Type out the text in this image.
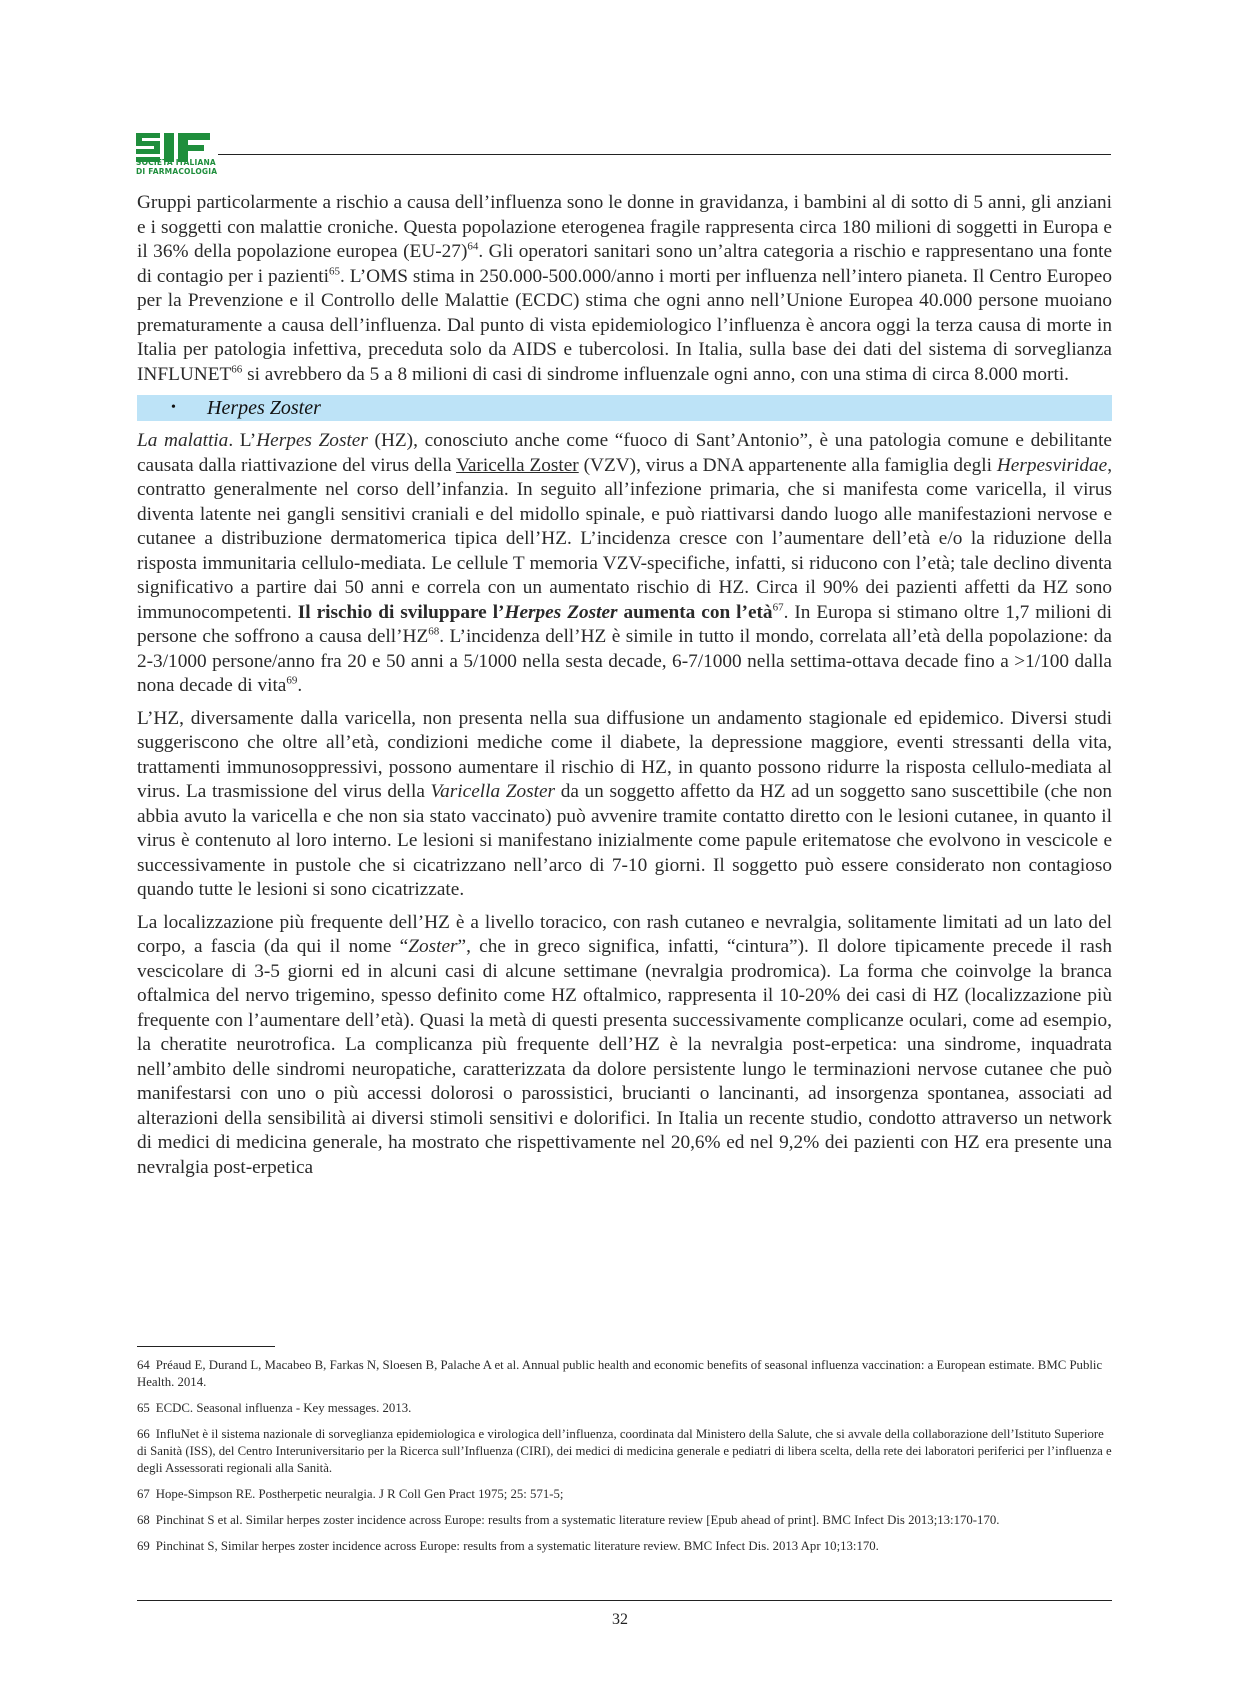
SIF
SOCIETÀ ITALIANA
DI FARMACOLOGIA

Gruppi particolarmente a rischio a causa dell’influenza sono le donne in gravidanza, i bambini al di sotto di 5 anni, gli anziani e i soggetti con malattie croniche. Questa popolazione eterogenea fragile rappresenta circa 180 milioni di soggetti in Europa e il 36% della popolazione europea $(EU-27)^{64}$. Gli operatori sanitari sono un’altra categoria a rischio e rappresentano una fonte di contagio per i pazienti$^{65}$. L’OMS stima in 250.000-500.000/anno i morti per influenza nell’intero pianeta. Il Centro Europeo per la Prevenzione e il Controllo delle Malattie (ECDC) stima che ogni anno nell’Unione Europea 40.000 persone muoiano prematuramente a causa dell’influenza. Dal punto di vista epidemiologico l’influenza è ancora oggi la terza causa di morte in Italia per patologia infettiva, preceduta solo da AIDS e tubercolosi. In Italia, sulla base dei dati del sistema di sorveglianza INFLUNET$^{66}$ si avrebbero da 5 a 8 milioni di casi di sindrome influenzale ogni anno, con una stima di circa 8.000 morti.

•	Herpes Zoster

La malattia. L’Herpes Zoster (HZ), conosciuto anche come “fuoco di Sant’Antonio”, è una patologia comune e debilitante causata dalla riattivazione del virus della Varicella Zoster (VZV), virus a DNA appartenente alla famiglia degli Herpesviridae, contratto generalmente nel corso dell’infanzia. In seguito all’infezione primaria, che si manifesta come varicella, il virus diventa latente nei gangli sensitivi craniali e del midollo spinale, e può riattivarsi dando luogo alle manifestazioni nervose e cutanee a distribuzione dermatomerica tipica dell’HZ. L’incidenza cresce con l’aumentare dell’età e/o la riduzione della risposta immunitaria cellulo-mediata. Le cellule T memoria VZV-specifiche, infatti, si riducono con l’età; tale declino diventa significativo a partire dai 50 anni e correla con un aumentato rischio di HZ. Circa il 90% dei pazienti affetti da HZ sono immunocompetenti. Il rischio di sviluppare l’Herpes Zoster aumenta con l’età$^{67}$. In Europa si stimano oltre 1,7 milioni di persone che soffrono a causa dell’HZ$^{68}$. L’incidenza dell’HZ è simile in tutto il mondo, correlata all’età della popolazione: da 2-3/1000 persone/anno fra 20 e 50 anni a 5/1000 nella sesta decade, 6-7/1000 nella settima-ottava decade fino a >1/100 dalla nona decade di vita$^{69}$.

L’HZ, diversamente dalla varicella, non presenta nella sua diffusione un andamento stagionale ed epidemico. Diversi studi suggeriscono che oltre all’età, condizioni mediche come il diabete, la depressione maggiore, eventi stressanti della vita, trattamenti immunosoppressivi, possono aumentare il rischio di HZ, in quanto possono ridurre la risposta cellulo-mediata al virus. La trasmissione del virus della Varicella Zoster da un soggetto affetto da HZ ad un soggetto sano suscettibile (che non abbia avuto la varicella e che non sia stato vaccinato) può avvenire tramite contatto diretto con le lesioni cutanee, in quanto il virus è contenuto al loro interno. Le lesioni si manifestano inizialmente come papule eritematose che evolvono in vescicole e successivamente in pustole che si cicatrizzano nell’arco di 7-10 giorni. Il soggetto può essere considerato non contagioso quando tutte le lesioni si sono cicatrizzate.

La localizzazione più frequente dell’HZ è a livello toracico, con rash cutaneo e nevralgia, solitamente limitati ad un lato del corpo, a fascia (da qui il nome “Zoster”, che in greco significa, infatti, “cintura”). Il dolore tipicamente precede il rash vescicolare di 3-5 giorni ed in alcuni casi di alcune settimane (nevralgia prodromica). La forma che coinvolge la branca oftalmica del nervo trigemino, spesso definito come HZ oftalmico, rappresenta il 10-20% dei casi di HZ (localizzazione più frequente con l’aumentare dell’età). Quasi la metà di questi presenta successivamente complicanze oculari, come ad esempio, la cheratite neurotrofica. La complicanza più frequente dell’HZ è la nevralgia post-erpetica: una sindrome, inquadrata nell’ambito delle sindromi neuropatiche, caratterizzata da dolore persistente lungo le terminazioni nervose cutanee che può manifestarsi con uno o più accessi dolorosi o parossistici, brucianti o lancinanti, ad insorgenza spontanea, associati ad alterazioni della sensibilità ai diversi stimoli sensitivi e dolorifici. In Italia un recente studio, condotto attraverso un network di medici di medicina generale, ha mostrato che rispettivamente nel 20,6% ed nel 9,2% dei pazienti con HZ era presente una nevralgia post-erpetica

64 Préaud E, Durand L, Macabeo B, Farkas N, Sloesen B, Palache A et al. Annual public health and economic benefits of seasonal influenza vaccination: a European estimate. BMC Public Health. 2014.
65 ECDC. Seasonal influenza - Key messages. 2013.
66 InfluNet è il sistema nazionale di sorveglianza epidemiologica e virologica dell’influenza, coordinata dal Ministero della Salute, che si avvale della collaborazione dell’Istituto Superiore di Sanità (ISS), del Centro Interuniversitario per la Ricerca sull’Influenza (CIRI), dei medici di medicina generale e pediatri di libera scelta, della rete dei laboratori periferici per l’influenza e degli Assessorati regionali alla Sanità.
67 Hope-Simpson RE. Postherpetic neuralgia. J R Coll Gen Pract 1975; 25: 571-5;
68 Pinchinat S et al. Similar herpes zoster incidence across Europe: results from a systematic literature review [Epub ahead of print]. BMC Infect Dis 2013;13:170-170.
69 Pinchinat S, Similar herpes zoster incidence across Europe: results from a systematic literature review. BMC Infect Dis. 2013 Apr 10;13:170.
32
